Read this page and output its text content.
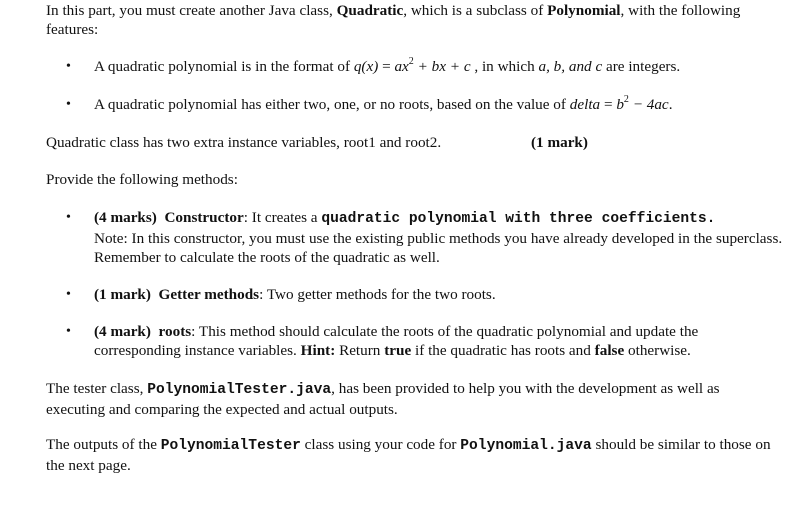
In this part, you must create another Java class, Quadratic, which is a subclass of Polynomial, with the following features:
• A quadratic polynomial is in the format of $q(x) = ax^2$ + bx + c , in which a, b, and c are integers.
• A quadratic polynomial has either two, one, or no roots, based on the value of delta = $b^2 - 4ac$.
Quadratic class has two extra instance variables, root1 and root2.	(1 mark)
Provide the following methods:
• (4 marks) Constructor: It creates a quadratic polynomial with three coefficients.
Note: In this constructor, you must use the existing public methods you have already developed in the superclass. Remember to calculate the roots of the quadratic as well.
• (1 mark) Getter methods: Two getter methods for the two roots.
• (4 mark) roots: This method should calculate the roots of the quadratic polynomial and update the corresponding instance variables. Hint: Return true if the quadratic has roots and false otherwise.
The tester class, PolynomialTester.java, has been provided to help you with the development as well as executing and comparing the expected and actual outputs.
The outputs of the PolynomialTester class using your code for Polynomial.java should be similar to those on the next page.
